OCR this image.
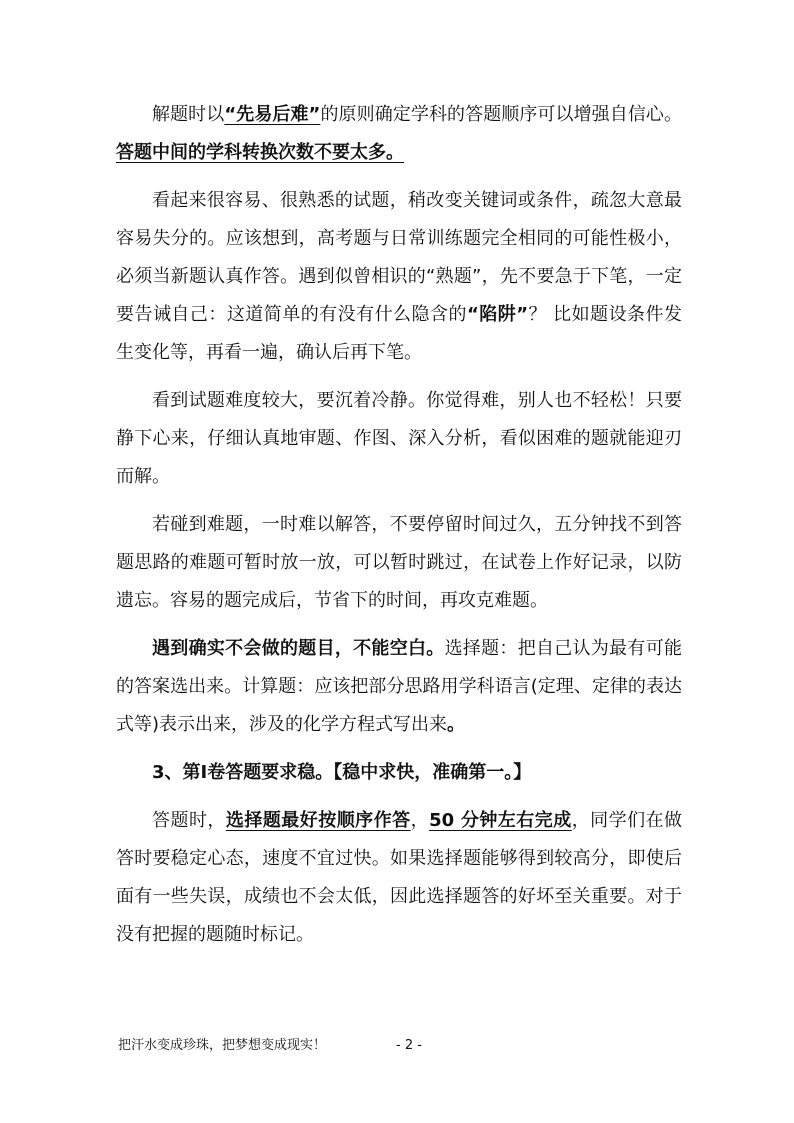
解题时以“先易后难”的原则确定学科的答题顺序可以增强自信心。答题中间的学科转换次数不要太多。

看起来很容易、很熟悉的试题，稍改变关键词或条件，疏忽大意最容易失分的。应该想到，高考题与日常训练题完全相同的可能性极小，必须当新题认真作答。遇到似曾相识的“熟题”，先不要急于下笔，一定要告诫自己：这道简单的有没有什么隐含的“陷阱”？ 比如题设条件发生变化等，再看一遍，确认后再下笔。

看到试题难度较大，要沉着冷静。你觉得难，别人也不轻松！只要静下心来，仔细认真地审题、作图、深入分析，看似困难的题就能迎刃而解。

若碰到难题，一时难以解答，不要停留时间过久，五分钟找不到答题思路的难题可暂时放一放，可以暂时跳过，在试卷上作好记录，以防遗忘。容易的题完成后，节省下的时间，再攻克难题。

遇到确实不会做的题目，不能空白。选择题：把自己认为最有可能的答案选出来。计算题：应该把部分思路用学科语言(定理、定律的表达式等)表示出来，涉及的化学方程式写出来。

3、第Ⅰ卷答题要求稳。【稳中求快，准确第一。】

答题时，选择题最好按顺序作答，50 分钟左右完成，同学们在做答时要稳定心态，速度不宜过快。如果选择题能够得到较高分，即使后面有一些失误，成绩也不会太低，因此选择题答的好坏至关重要。对于没有把握的题随时标记。

把汗水变成珍珠，把梦想变成现实！	- 2 -
